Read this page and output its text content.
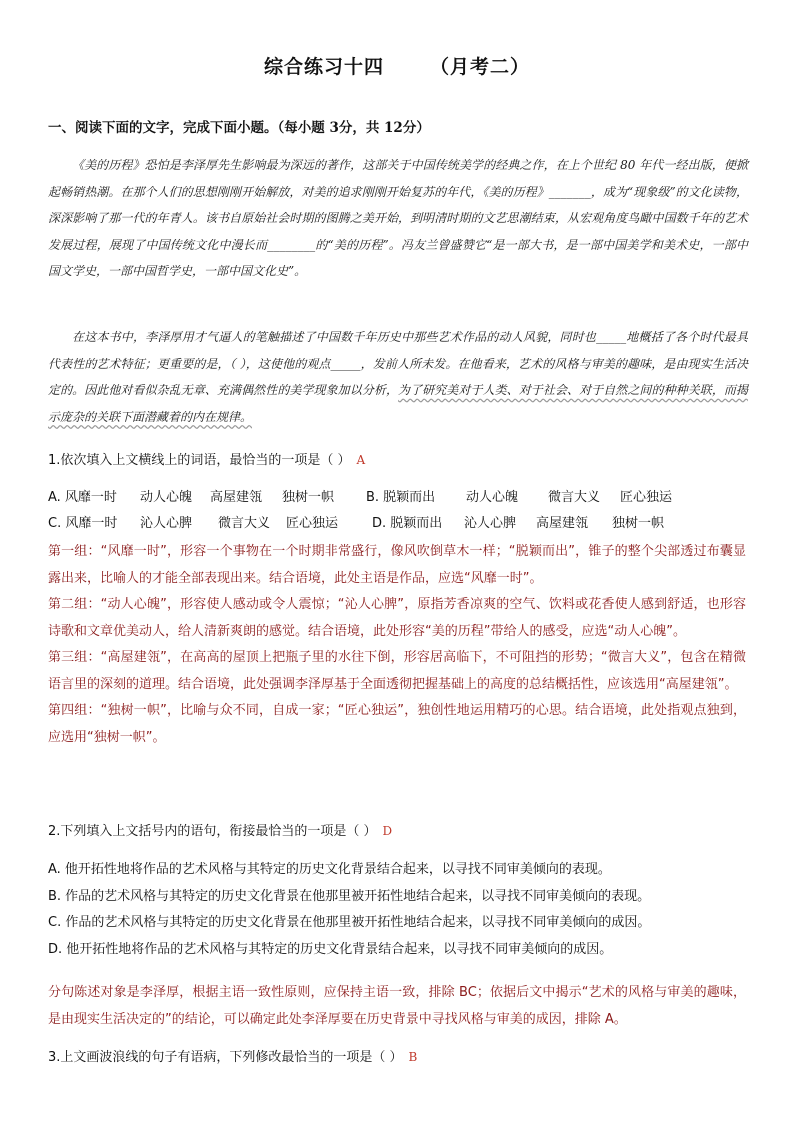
综合练习十四 （月考二）
一、阅读下面的文字，完成下面小题。（每小题 3分，共 12分）

《美的历程》恐怕是李泽厚先生影响最为深远的著作，这部关于中国传统美学的经典之作，在上个世纪 80 年代一经出版，便掀起畅销热潮。在那个人们的思想刚刚开始解放，对美的追求刚刚开始复苏的年代，《美的历程》_______，成为“现象级”的文化读物，深深影响了那一代的年青人。该书自原始社会时期的图腾之美开始，到明清时期的文艺思潮结束，从宏观角度鸟瞰中国数千年的艺术发展过程，展现了中国传统文化中漫长而________的“美的历程”。冯友兰曾盛赞它“是一部大书，是一部中国美学和美术史，一部中国文学史，一部中国哲学史，一部中国文化史”。

在这本书中，李泽厚用才气逼人的笔触描述了中国数千年历史中那些艺术作品的动人风貌，同时也_____地概括了各个时代最具代表性的艺术特征；更重要的是，（ ），这使他的观点_____，发前人所未发。在他看来，艺术的风格与审美的趣味，是由现实生活决定的。因此他对看似杂乱无章、充满偶然性的美学现象加以分析，为了研究美对于人类、对于社会、对于自然之间的种种关联，而揭示庞杂的关联下面潜藏着的内在规律。

1.依次填入上文横线上的词语，最恰当的一项是（ ） A

A. 风靡一时 动人心魄 高屋建瓴 独树一帜 B. 脱颖而出 动人心魄 微言大义 匠心独运
C. 风靡一时 沁人心脾 微言大义 匠心独运	D. 脱颖而出 沁人心脾 高屋建瓴 独树一帜

第一组：“风靡一时”，形容一个事物在一个时期非常盛行，像风吹倒草木一样；“脱颖而出”，锥子的整个尖部透过布囊显露出来，比喻人的才能全部表现出来。结合语境，此处主语是作品，应选“风靡一时”。

第二组：“动人心魄”，形容使人感动或令人震惊；“沁人心脾”，原指芳香凉爽的空气、饮料或花香使人感到舒适，也形容诗歌和文章优美动人，给人清新爽朗的感觉。结合语境，此处形容“美的历程”带给人的感受，应选“动人心魄”。

第三组：“高屋建瓴”，在高高的屋顶上把瓶子里的水往下倒，形容居高临下，不可阻挡的形势；“微言大义”，包含在精微语言里的深刻的道理。结合语境，此处强调李泽厚基于全面透彻把握基础上的高度的总结概括性，应该选用“高屋建瓴”。

第四组：“独树一帜”，比喻与众不同，自成一家；“匠心独运”，独创性地运用精巧的心思。结合语境，此处指观点独到，应选用“独树一帜”。

2.下列填入上文括号内的语句，衔接最恰当的一项是（ ） D

A. 他开拓性地将作品的艺术风格与其特定的历史文化背景结合起来，以寻找不同审美倾向的表现。
B. 作品的艺术风格与其特定的历史文化背景在他那里被开拓性地结合起来，以寻找不同审美倾向的表现。
C. 作品的艺术风格与其特定的历史文化背景在他那里被开拓性地结合起来，以寻找不同审美倾向的成因。
D. 他开拓性地将作品的艺术风格与其特定的历史文化背景结合起来，以寻找不同审美倾向的成因。

分句陈述对象是李泽厚，根据主语一致性原则，应保持主语一致，排除 BC；依据后文中揭示“艺术的风格与审美的趣味，是由现实生活决定的”的结论，可以确定此处李泽厚要在历史背景中寻找风格与审美的成因，排除 A。

3.上文画波浪线的句子有语病，下列修改最恰当的一项是（ ） B
